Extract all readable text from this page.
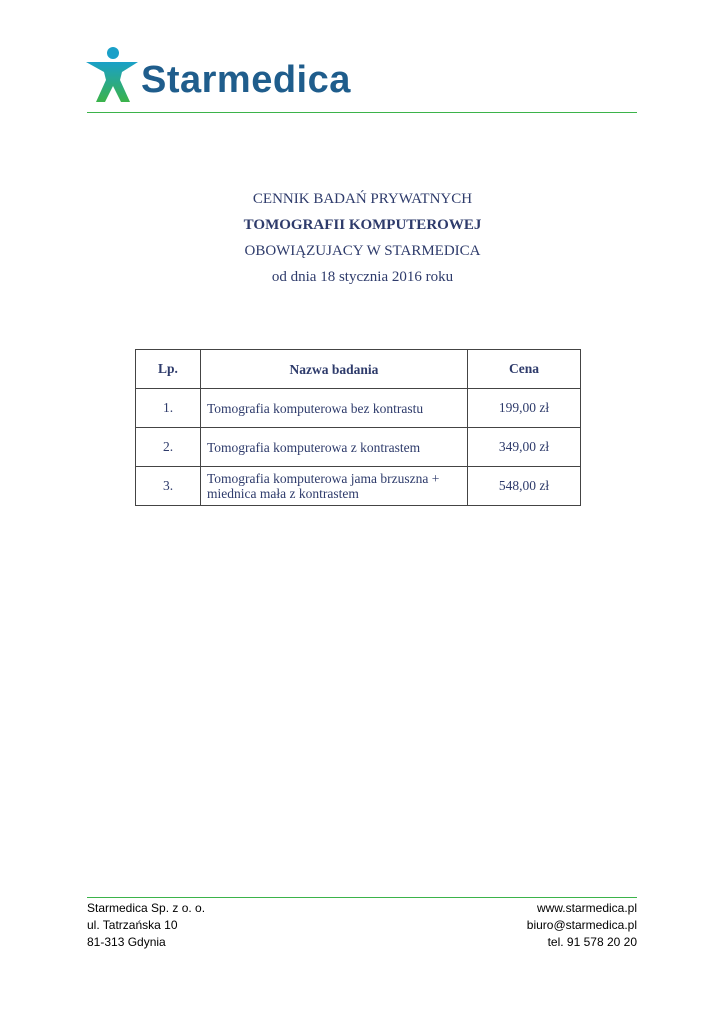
Starmedica
CENNIK BADAŃ PRYWATNYCH
TOMOGRAFII KOMPUTEROWEJ
OBOWIĄZUJACY W STARMEDICA
od dnia 18 stycznia 2016 roku
Lp.	Nazwa badania	Cena
1.	Tomografia komputerowa bez kontrastu	199,00 zł
2.	Tomografia komputerowa z kontrastem	349,00 zł
3.	Tomografia komputerowa jama brzuszna + miednica mała z kontrastem	548,00 zł
Starmedica Sp. z o. o.
ul. Tatrzańska 10
81-313 Gdynia
www.starmedica.pl
biuro@starmedica.pl
tel. 91 578 20 20
